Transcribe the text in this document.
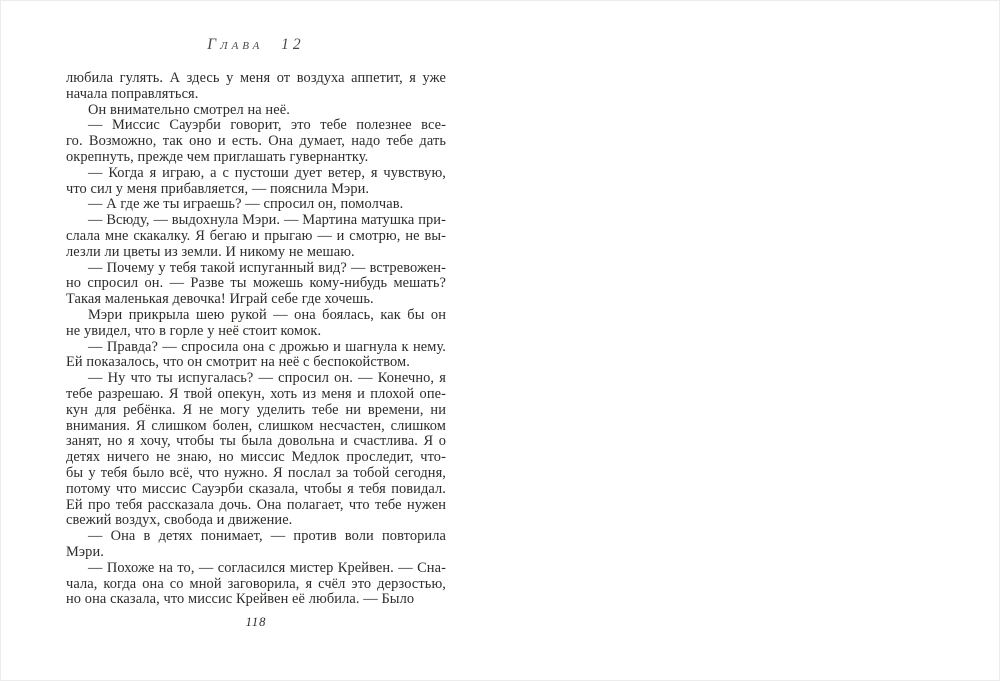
Глава 12
любила гулять. А здесь у меня от воздуха аппетит, я уже
начала поправляться.
Он внимательно смотрел на неё.
— Миссис Сауэрби говорит, это тебе полезнее все-
го. Возможно, так оно и есть. Она думает, надо тебе дать
окрепнуть, прежде чем приглашать гувернантку.
— Когда я играю, а с пустоши дует ветер, я чувствую,
что сил у меня прибавляется, — пояснила Мэри.
— А где же ты играешь? — спросил он, помолчав.
— Всюду, — выдохнула Мэри. — Мартина матушка при-
слала мне скакалку. Я бегаю и прыгаю — и смотрю, не вы-
лезли ли цветы из земли. И никому не мешаю.
— Почему у тебя такой испуганный вид? — встревожен-
но спросил он. — Разве ты можешь кому-нибудь мешать?
Такая маленькая девочка! Играй себе где хочешь.
Мэри прикрыла шею рукой — она боялась, как бы он
не увидел, что в горле у неё стоит комок.
— Правда? — спросила она с дрожью и шагнула к нему.
Ей показалось, что он смотрит на неё с беспокойством.
— Ну что ты испугалась? — спросил он. — Конечно, я
тебе разрешаю. Я твой опекун, хоть из меня и плохой опе-
кун для ребёнка. Я не могу уделить тебе ни времени, ни
внимания. Я слишком болен, слишком несчастен, слишком
занят, но я хочу, чтобы ты была довольна и счастлива. Я о
детях ничего не знаю, но миссис Медлок проследит, что-
бы у тебя было всё, что нужно. Я послал за тобой сегодня,
потому что миссис Сауэрби сказала, чтобы я тебя повидал.
Ей про тебя рассказала дочь. Она полагает, что тебе нужен
свежий воздух, свобода и движение.
— Она в детях понимает, — против воли повторила
Мэри.
— Похоже на то, — согласился мистер Крейвен. — Сна-
чала, когда она со мной заговорила, я счёл это дерзостью,
но она сказала, что миссис Крейвен её любила. — Было
118
